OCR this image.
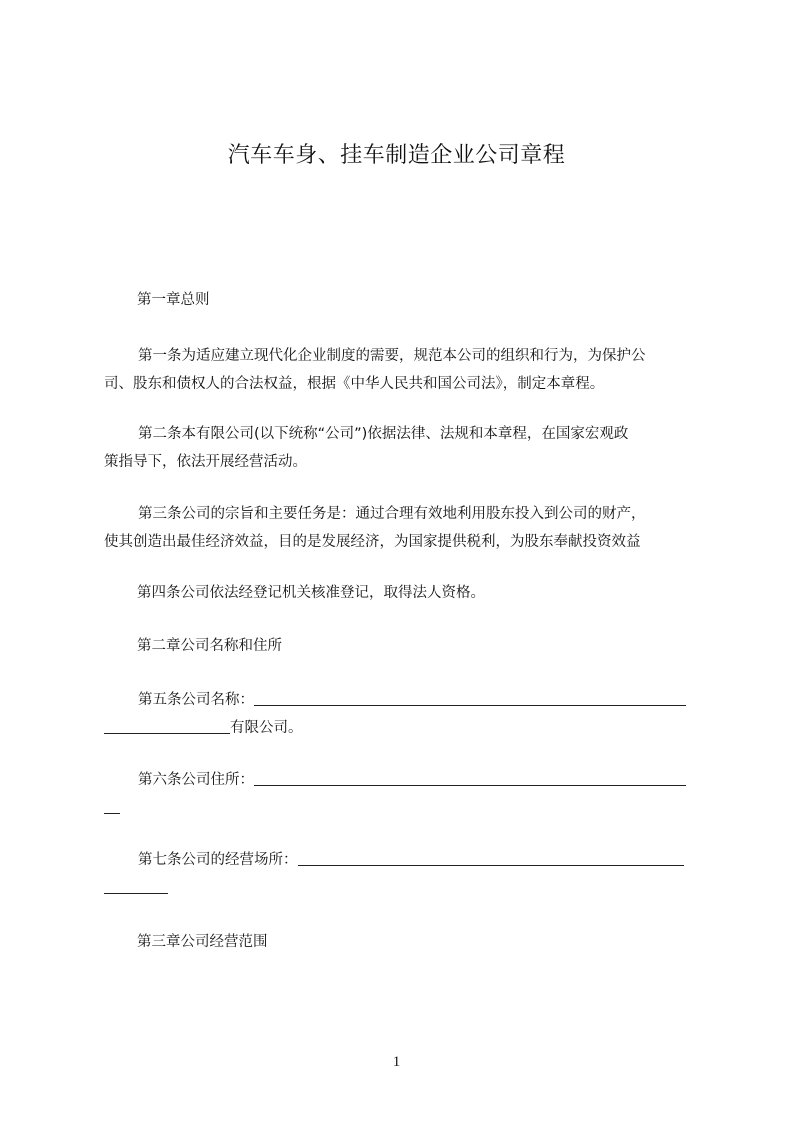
汽车车身、挂车制造企业公司章程
第一章总则
第一条为适应建立现代化企业制度的需要，规范本公司的组织和行为，为保护公
司、股东和债权人的合法权益，根据《中华人民共和国公司法》，制定本章程。
第二条本有限公司(以下统称“公司”)依据法律、法规和本章程，在国家宏观政
策指导下，依法开展经营活动。
第三条公司的宗旨和主要任务是：通过合理有效地利用股东投入到公司的财产，
使其创造出最佳经济效益，目的是发展经济，为国家提供税利，为股东奉献投资效益
第四条公司依法经登记机关核准登记，取得法人资格。
第二章公司名称和住所
第五条公司名称：
有限公司。
第六条公司住所：
第七条公司的经营场所：
第三章公司经营范围
1
